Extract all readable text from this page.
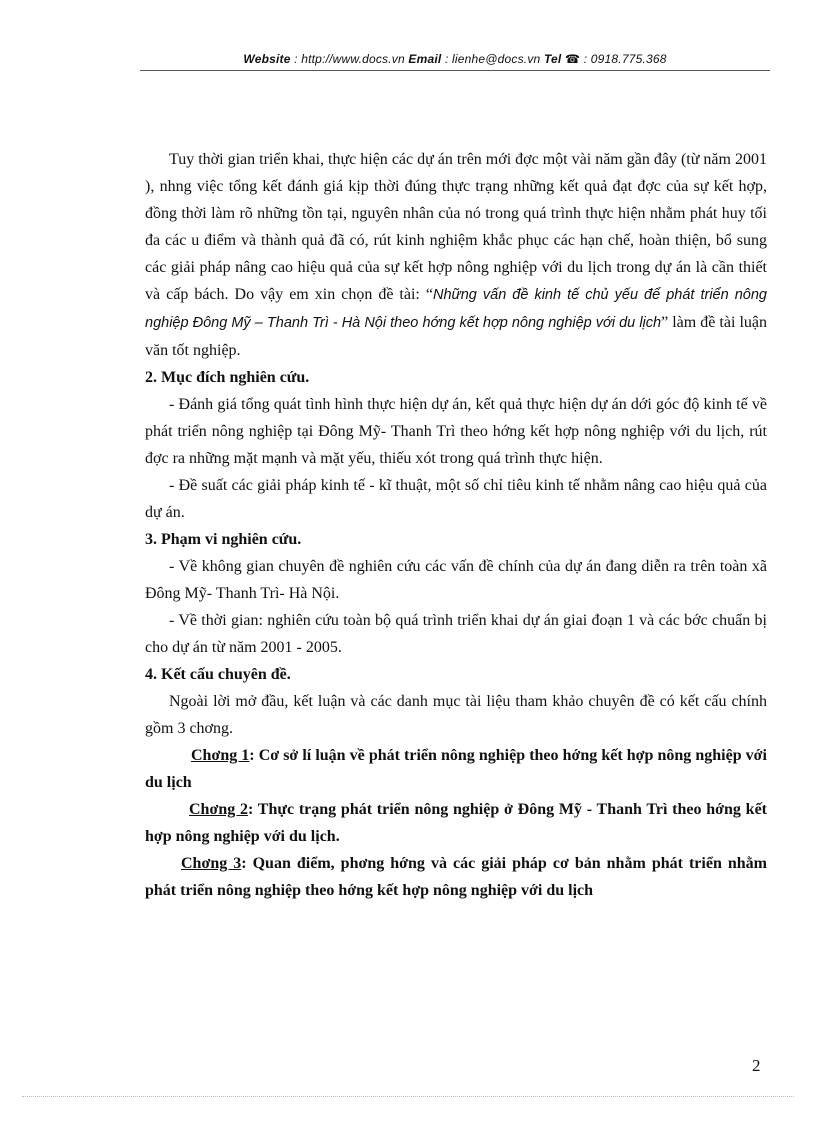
Website : http://www.docs.vn Email : lienhe@docs.vn Tel ☎ : 0918.775.368

Tuy thời gian triển khai, thực hiện các dự án trên mới đợc một vài năm gần đây (từ năm 2001 ), nhng việc tổng kết đánh giá kịp thời đúng thực trạng những kết quả đạt đợc của sự kết hợp, đồng thời làm rõ những tồn tại, nguyên nhân của nó trong quá trình thực hiện nhằm phát huy tối đa các u điểm và thành quả đã có, rút kinh nghiệm khắc phục các hạn chế, hoàn thiện, bổ sung các giải pháp nâng cao hiệu quả của sự kết hợp nông nghiệp với du lịch trong dự án là cần thiết và cấp bách. Do vậy em xin chọn đề tài: “Những vấn đề kinh tế chủ yếu để phát triển nông nghiệp Đông Mỹ – Thanh Trì - Hà Nội theo hớng kết hợp nông nghiệp với du lịch” làm đề tài luận văn tốt nghiệp.

2. Mục đích nghiên cứu.

- Đánh giá tổng quát tình hình thực hiện dự án, kết quả thực hiện dự án dới góc độ kinh tế về phát triển nông nghiệp tại Đông Mỹ- Thanh Trì theo hớng kết hợp nông nghiệp với du lịch, rút đợc ra những mặt mạnh và mặt yếu, thiếu xót trong quá trình thực hiện.

- Đề suất các giải pháp kinh tế - kĩ thuật, một số chỉ tiêu kinh tế nhằm nâng cao hiệu quả của dự án.

3. Phạm vi nghiên cứu.

- Về không gian chuyên đề nghiên cứu các vấn đề chính của dự án đang diễn ra trên toàn xã Đông Mỹ- Thanh Trì- Hà Nội.

- Về thời gian: nghiên cứu toàn bộ quá trình triển khai dự án giai đoạn 1 và các bớc chuẩn bị cho dự án từ năm 2001 - 2005.

4. Kết cấu chuyên đề.

Ngoài lời mở đầu, kết luận và các danh mục tài liệu tham khảo chuyên đề có kết cấu chính gồm 3 chơng.

Chơng 1: Cơ sở lí luận về phát triển nông nghiệp theo hớng kết hợp nông nghiệp với du lịch

Chơng 2: Thực trạng phát triển nông nghiệp ở Đông Mỹ - Thanh Trì theo hớng kết hợp nông nghiệp với du lịch.

Chơng 3: Quan điểm, phơng hớng và các giải pháp cơ bản nhằm phát triển nhằm phát triển nông nghiệp theo hớng kết hợp nông nghiệp với du lịch

2
